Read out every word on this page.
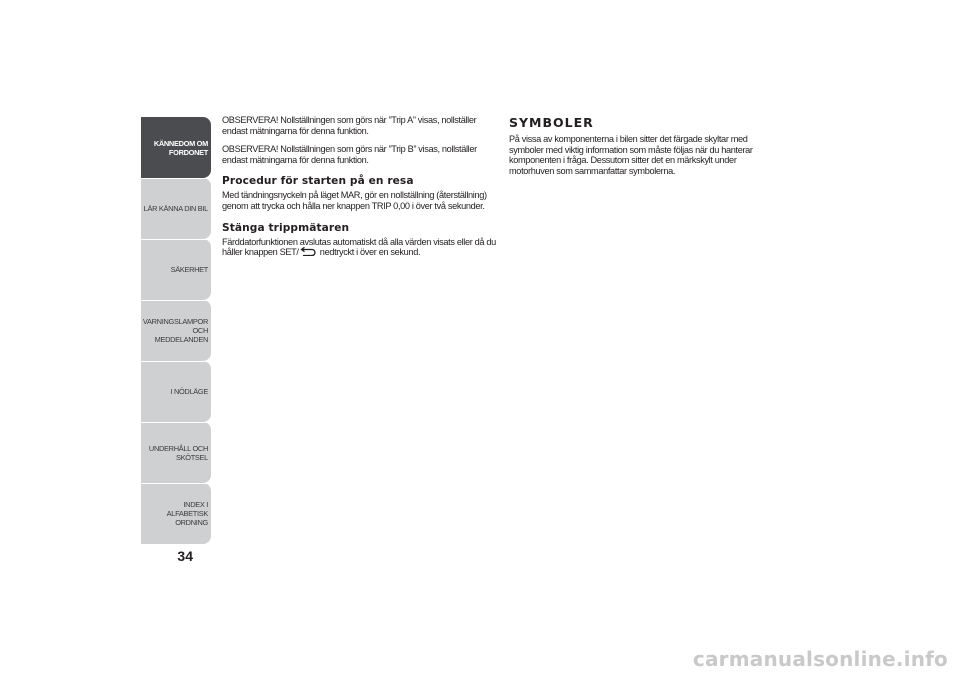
KÄNNEDOM OM
FORDONET
LÄR KÄNNA DIN BIL
SÄKERHET
VARNINGSLAMPOR
OCH MEDDELANDEN
I NÖDLÄGE
UNDERHÅLL OCH
SKÖTSEL
INDEX I ALFABETISK
ORDNING
34

OBSERVERA! Nollställningen som görs när ”Trip A” visas, nollställer endast mätningarna för denna funktion.

OBSERVERA! Nollställningen som görs när ”Trip B” visas, nollställer endast mätningarna för denna funktion.

Procedur för starten på en resa

Med tändningsnyckeln på läget MAR, gör en nollställning (återställning) genom att trycka och hålla ner knappen TRIP 0,00 i över två sekunder.

Stänga trippmätaren

Färddatorfunktionen avslutas automatiskt då alla värden visats eller då du håller knappen SET/ nedtryckt i över en sekund.

SYMBOLER

På vissa av komponenterna i bilen sitter det färgade skyltar med symboler med viktig information som måste följas när du hanterar komponenten i fråga. Dessutom sitter det en märkskylt under motorhuven som sammanfattar symbolerna.

carmanualsonline.info
